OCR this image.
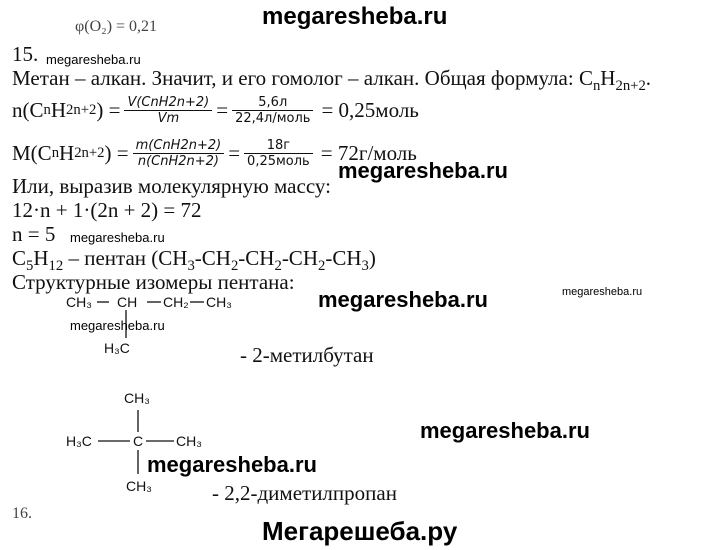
φ(O₂) = 0,21	megaresheba.ru
15. megaresheba.ru
Метан – алкан. Значит, и его гомолог – алкан. Общая формула: $C_nH_{2n+2}$.
n(C n H 2n+2 ) = $\frac{\text{V(CnH2n+2)}}{Vm} = \frac{5,6л}{\text{22,4л/моль}}$ = 0,25моль
M(C n H 2n+2 ) = $\frac{\text{m(CnH2n+2)}}{\text{n(CnH2n+2)}} = \frac{18г}{\text{0,25моль}}$ = 72г/моль
megaresheba.ru
Или, выразив молекулярную массу:
12·n + 1·(2n + 2) = 72
n = 5 megaresheba.ru
$C_5H_{12}$ – пентан $(CH_3-CH_2-CH_2-CH_2-CH_3)$
Структурные изомеры пентана:
CH₃ CH CH₂ CH₃
H₃C
megaresheba.ru	megaresheba.ru
megaresheba.ru
- 2-метилбутан
CH₃
H₃C	C CH₃
CH₃
megaresheba.ru
megaresheba.ru
- 2,2-диметилпропан
16.
Мегарешеба.ру
